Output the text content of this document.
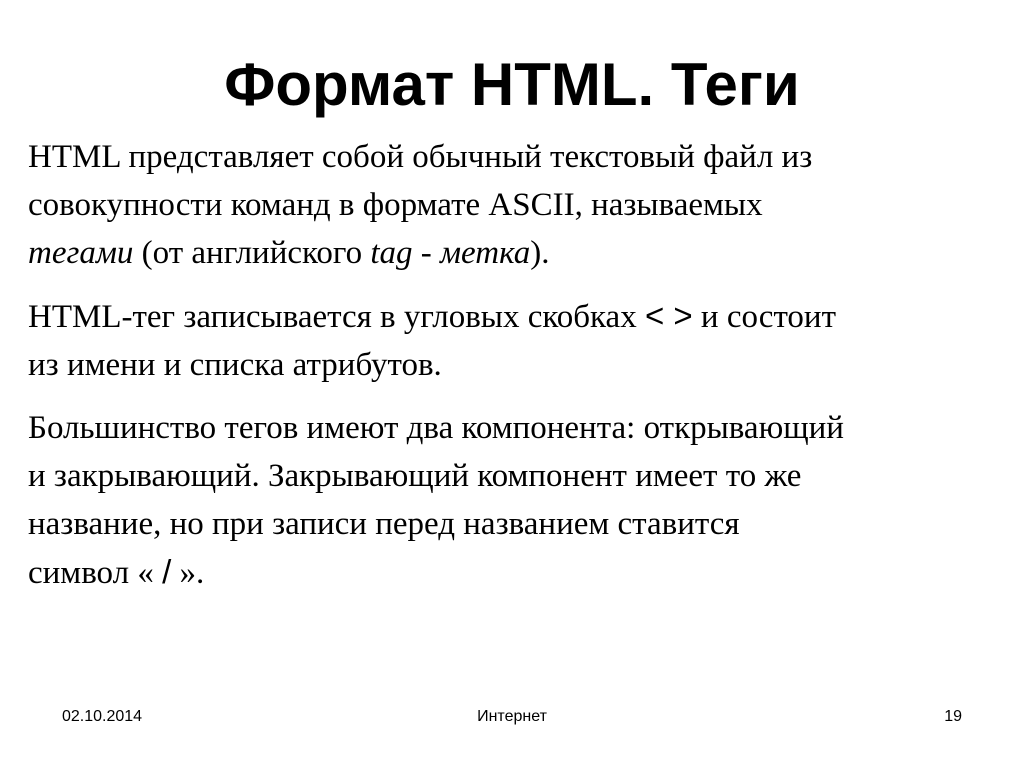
Формат HTML. Теги

HTML представляет собой обычный текстовый файл из
совокупности команд в формате ASCII, называемых
тегами (от английского tag - метка).

HTML-тег записывается в угловых скобках < > и состоит
из имени и списка атрибутов.

Большинство тегов имеют два компонента: открывающий
и закрывающий. Закрывающий компонент имеет то же
название, но при записи перед названием ставится
символ « / ».

02.10.2014	Интернет	19
